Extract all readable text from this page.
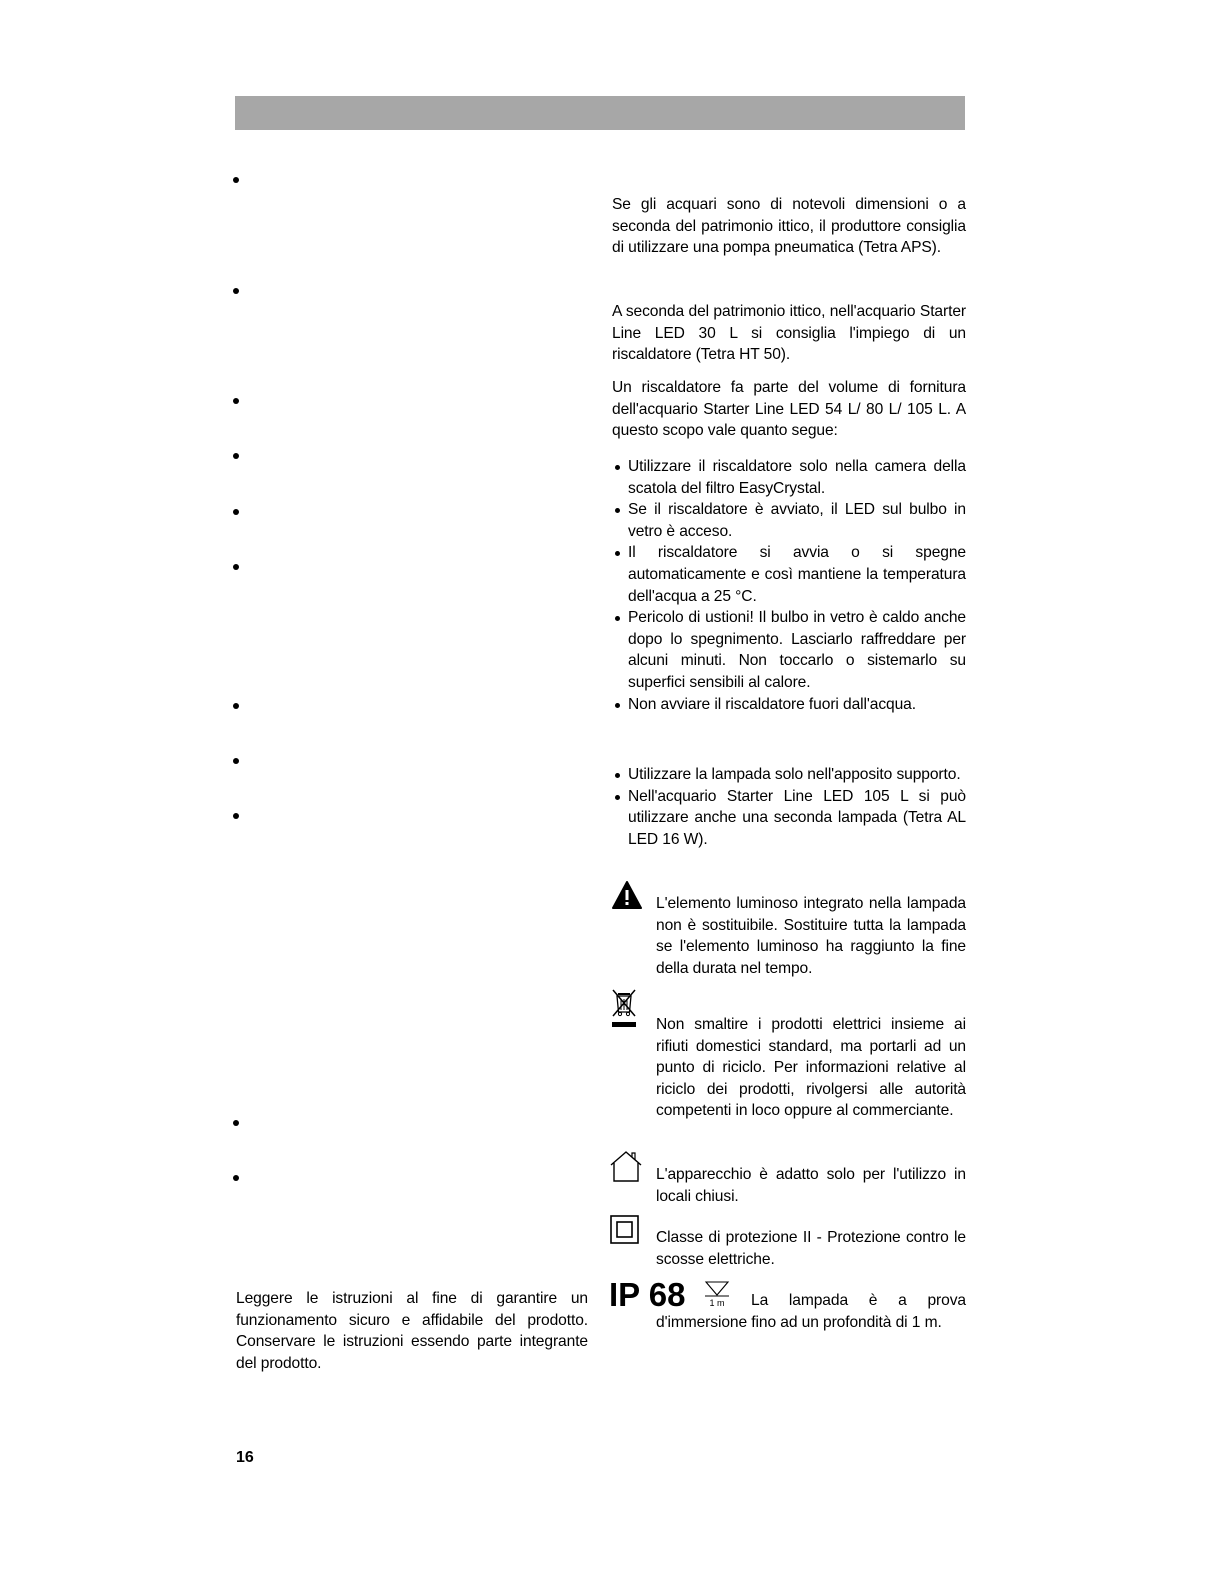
Se gli acquari sono di notevoli dimensioni o a seconda del patrimonio ittico, il produttore consiglia di utilizzare una pompa pneumatica (Tetra APS).

A seconda del patrimonio ittico, nell'acquario Starter Line LED 30 L si consiglia l'impiego di un riscaldatore (Tetra HT 50).

Un riscaldatore fa parte del volume di fornitura dell'acquario Starter Line LED 54 L/ 80 L/ 105 L. A questo scopo vale quanto segue:

Utilizzare il riscaldatore solo nella camera della scatola del filtro EasyCrystal.
Se il riscaldatore è avviato, il LED sul bulbo in vetro è acceso.
Il riscaldatore si avvia o si spegne automaticamente e così mantiene la temperatura dell'acqua a 25 °C.
Pericolo di ustioni! Il bulbo in vetro è caldo anche dopo lo spegnimento. Lasciarlo raffreddare per alcuni minuti. Non toccarlo o sistemarlo su superfici sensibili al calore.
Non avviare il riscaldatore fuori dall'acqua.
Utilizzare la lampada solo nell'apposito supporto.
Nell'acquario Starter Line LED 105 L si può utilizzare anche una seconda lampada (Tetra AL LED 16 W).

L'elemento luminoso integrato nella lampada non è sostituibile. Sostituire tutta la lampada se l'elemento luminoso ha raggiunto la fine della durata nel tempo.

Non smaltire i prodotti elettrici insieme ai rifiuti domestici standard, ma portarli ad un punto di riciclo. Per informazioni relative al riciclo dei prodotti, rivolgersi alle autorità competenti in loco oppure al commerciante.

L'apparecchio è adatto solo per l'utilizzo in locali chiusi.

Classe di protezione II - Protezione contro le scosse elettriche.

IP 68	1 m	La lampada è a prova d'immersione fino ad un profondità di 1 m.

Leggere le istruzioni al fine di garantire un funzionamento sicuro e affidabile del prodotto. Conservare le istruzioni essendo parte integrante del prodotto.

16
